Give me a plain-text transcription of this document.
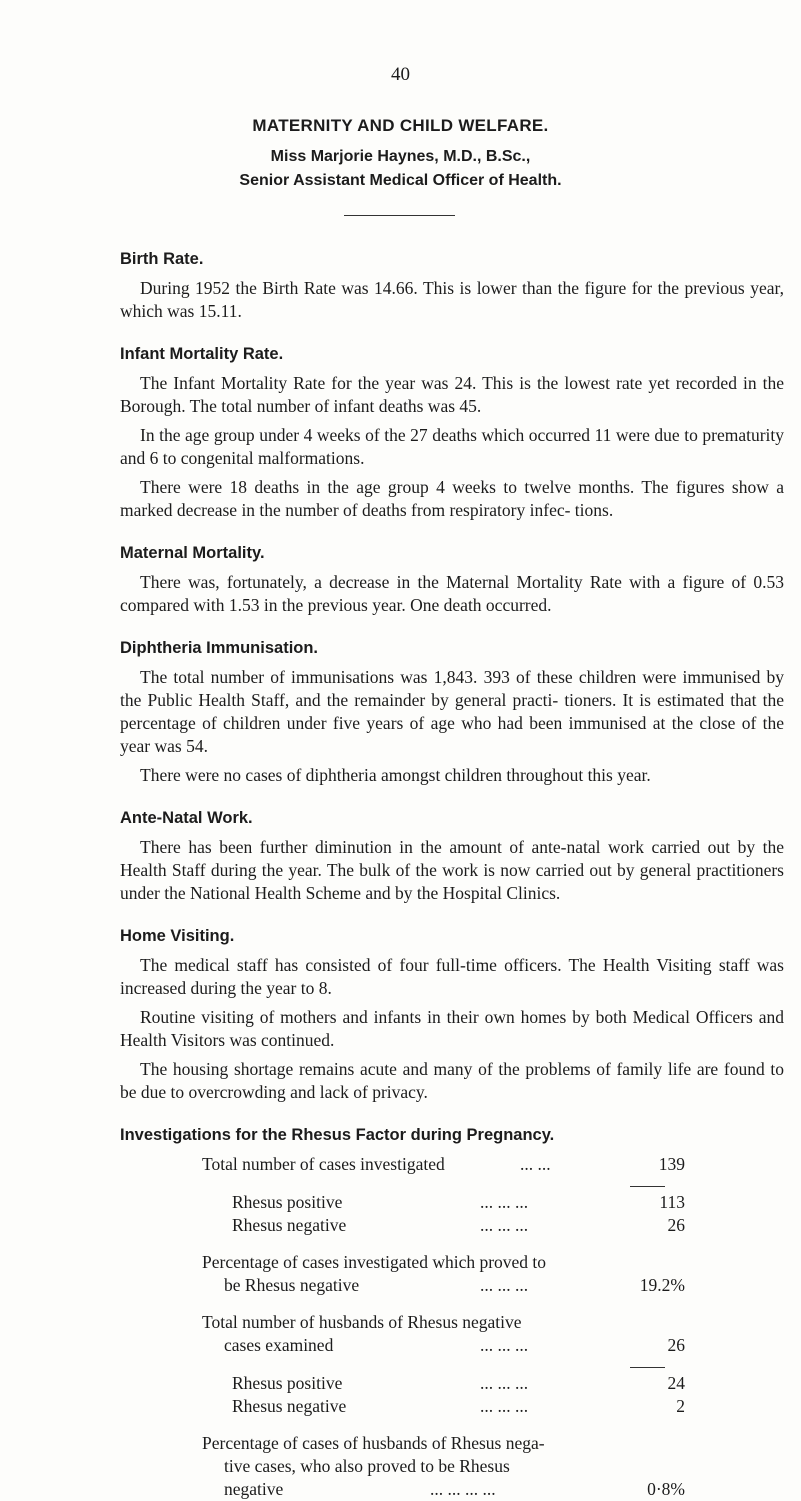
40
MATERNITY AND CHILD WELFARE.
Miss Marjorie Haynes, M.D., B.Sc.,
Senior Assistant Medical Officer of Health.
Birth Rate.

During 1952 the Birth Rate was 14.66. This is lower than the figure for the previous year, which was 15.11.

Infant Mortality Rate.

The Infant Mortality Rate for the year was 24. This is the lowest rate yet recorded in the Borough. The total number of infant deaths was 45.

In the age group under 4 weeks of the 27 deaths which occurred 11 were due to prematurity and 6 to congenital malformations.

There were 18 deaths in the age group 4 weeks to twelve months. The figures show a marked decrease in the number of deaths from respiratory infec- tions.

Maternal Mortality.

There was, fortunately, a decrease in the Maternal Mortality Rate with a figure of 0.53 compared with 1.53 in the previous year. One death occurred.

Diphtheria Immunisation.

The total number of immunisations was 1,843. 393 of these children were immunised by the Public Health Staff, and the remainder by general practi- tioners. It is estimated that the percentage of children under five years of age who had been immunised at the close of the year was 54.

There were no cases of diphtheria amongst children throughout this year.

Ante-Natal Work.

There has been further diminution in the amount of ante-natal work carried out by the Health Staff during the year. The bulk of the work is now carried out by general practitioners under the National Health Scheme and by the Hospital Clinics.

Home Visiting.

The medical staff has consisted of four full-time officers. The Health Visiting staff was increased during the year to 8.

Routine visiting of mothers and infants in their own homes by both Medical Officers and Health Visitors was continued.

The housing shortage remains acute and many of the problems of family life are found to be due to overcrowding and lack of privacy.

Investigations for the Rhesus Factor during Pregnancy.
Total number of cases investigated	... ...	139
Rhesus positive	... ... ...	113
Rhesus negative	... ... ...	26
Percentage of cases investigated which proved to
be Rhesus negative	... ... ...	19.2%
Total number of husbands of Rhesus negative
cases examined	... ... ...	26
Rhesus positive	... ... ...	24
Rhesus negative	... ... ...	2
Percentage of cases of husbands of Rhesus nega-
tive cases, who also proved to be Rhesus
negative	... ... ... ...	0·8%
